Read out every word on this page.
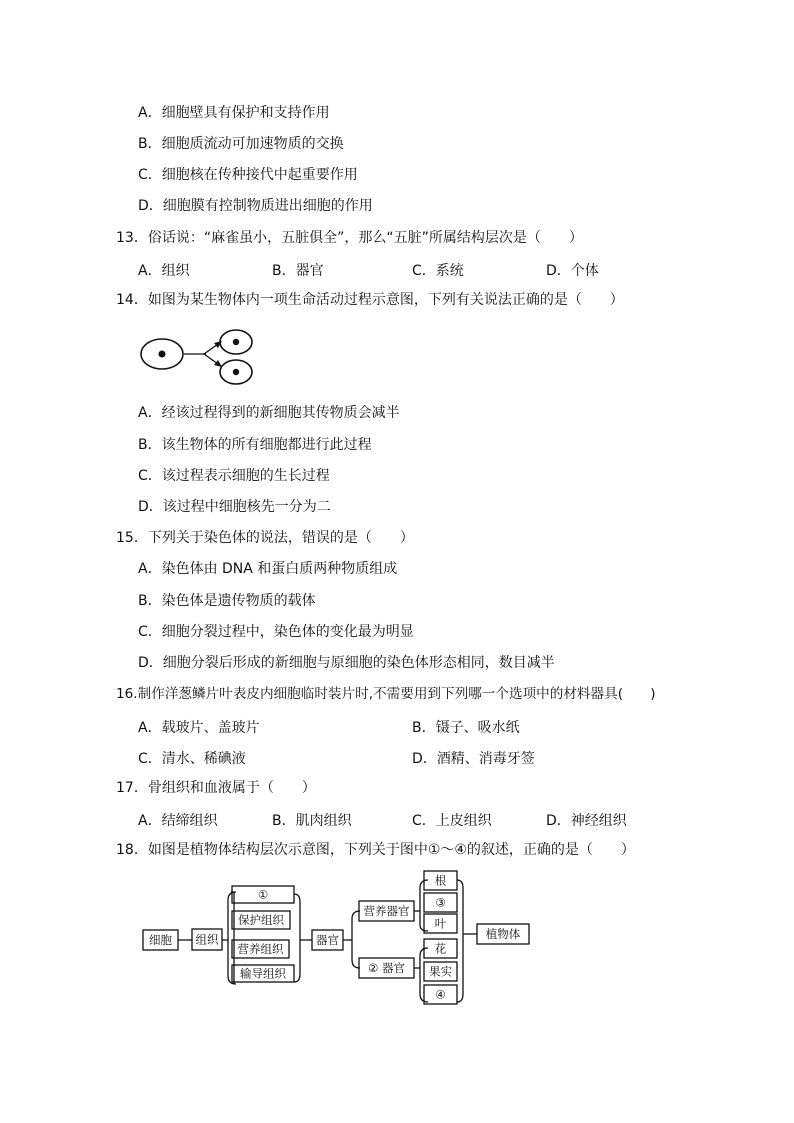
A．细胞壁具有保护和支持作用
B．细胞质流动可加速物质的交换
C．细胞核在传种接代中起重要作用
D．细胞膜有控制物质进出细胞的作用
13．俗话说：“麻雀虽小，五脏俱全”，那么“五脏”所属结构层次是（　　）
A．组织	B．器官	C．系统	D．个体
14．如图为某生物体内一项生命活动过程示意图，下列有关说法正确的是（　　）
A．经该过程得到的新细胞其传物质会减半
B．该生物体的所有细胞都进行此过程
C．该过程表示细胞的生长过程
D．该过程中细胞核先一分为二
15．下列关于染色体的说法，错误的是（　　）
A．染色体由 DNA 和蛋白质两种物质组成
B．染色体是遗传物质的载体
C．细胞分裂过程中，染色体的变化最为明显
D．细胞分裂后形成的新细胞与原细胞的染色体形态相同，数目减半
16.制作洋葱鳞片叶表皮内细胞临时装片时,不需要用到下列哪一个选项中的材料器具(　　)
A．载玻片、盖玻片	B．镊子、吸水纸
C．清水、稀碘液	D．酒精、消毒牙签
17．骨组织和血液属于（　　）
A．结缔组织	B．肌肉组织	C．上皮组织	D．神经组织
18．如图是植物体结构层次示意图，下列关于图中①～④的叙述，正确的是（　　）
细胞 组织
①
保护组织
营养组织
输导组织
器官
营养器官
② 器官
根
③
叶
花
果实
④
植物体
